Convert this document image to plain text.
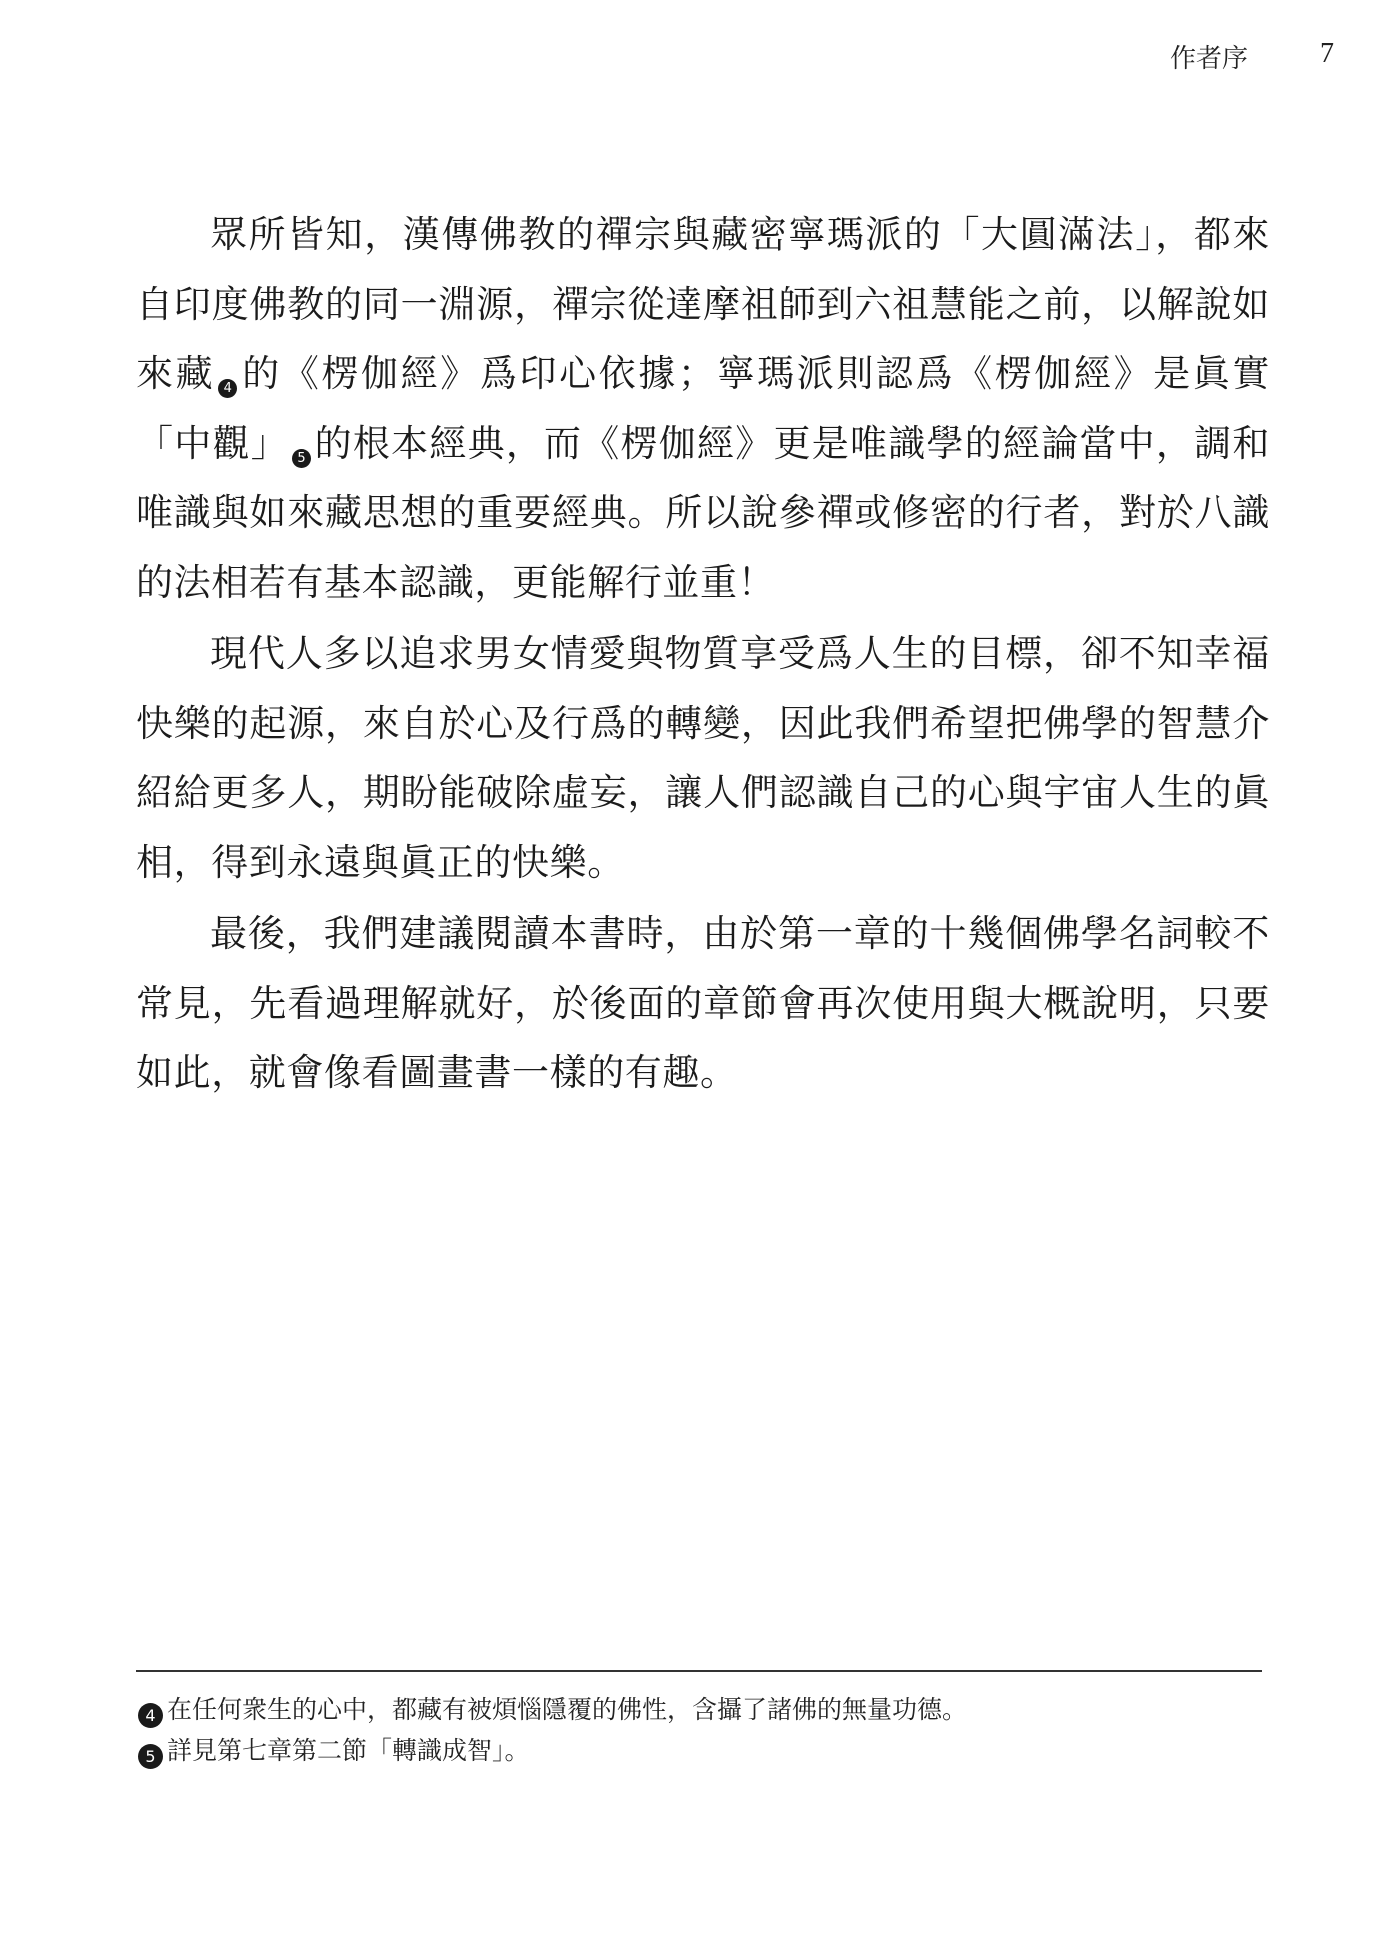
作者序	7

眾所皆知，漢傳佛教的禪宗與藏密寧瑪派的「大圓滿法」，都來自印度佛教的同一淵源，禪宗從達摩祖師到六祖慧能之前，以解說如來藏 4 的《楞伽經》爲印心依據；寧瑪派則認爲《楞伽經》是眞實「中觀」 5 的根本經典，而《楞伽經》更是唯識學的經論當中，調和唯識與如來藏思想的重要經典。所以說參禪或修密的行者，對於八識的法相若有基本認識，更能解行並重！

現代人多以追求男女情愛與物質享受爲人生的目標，卻不知幸福快樂的起源，來自於心及行爲的轉變，因此我們希望把佛學的智慧介紹給更多人，期盼能破除虛妄，讓人們認識自己的心與宇宙人生的眞相，得到永遠與眞正的快樂。

最後，我們建議閱讀本書時，由於第一章的十幾個佛學名詞較不常見，先看過理解就好，於後面的章節會再次使用與大概說明，只要如此，就會像看圖畫書一樣的有趣。

4 在任何衆生的心中，都藏有被煩惱隱覆的佛性，含攝了諸佛的無量功德。
5 詳見第七章第二節「轉識成智」。
